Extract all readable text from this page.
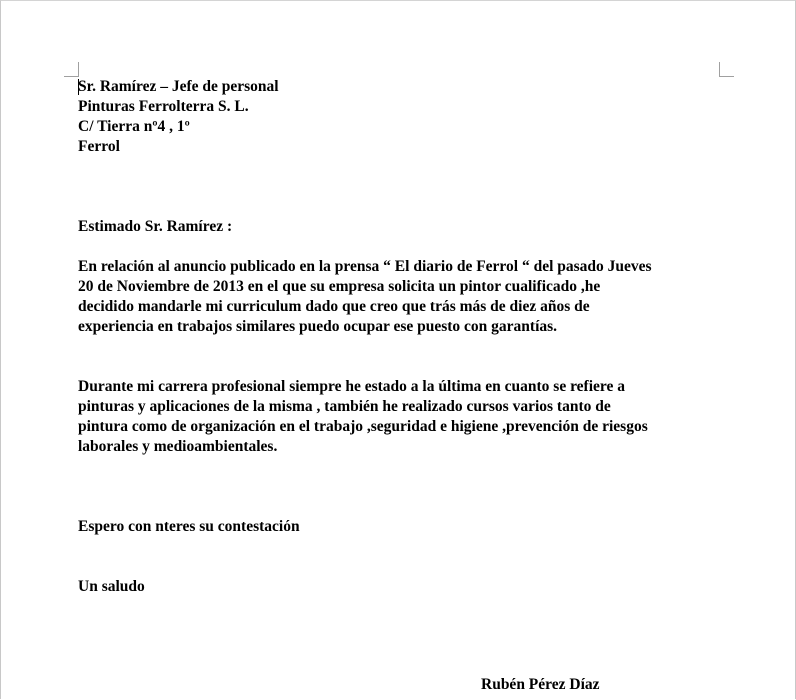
Sr. Ramírez – Jefe de personal
Pinturas Ferrolterra S. L.
C/ Tierra nº4 , 1º
Ferrol

Estimado Sr. Ramírez :

En relación al anuncio publicado en la prensa “ El diario de Ferrol “ del pasado Jueves
20 de Noviembre de 2013 en el que su empresa solicita un pintor cualificado ,he
decidido mandarle mi curriculum dado que creo que trás más de diez años de
experiencia en trabajos similares puedo ocupar ese puesto con garantías.
Durante mi carrera profesional siempre he estado a la última en cuanto se refiere a
pinturas y aplicaciones de la misma , también he realizado cursos varios tanto de
pintura como de organización en el trabajo ,seguridad e higiene ,prevención de riesgos
laborales y medioambientales.

Espero con nteres su contestación

Un saludo

Rubén Pérez Díaz
